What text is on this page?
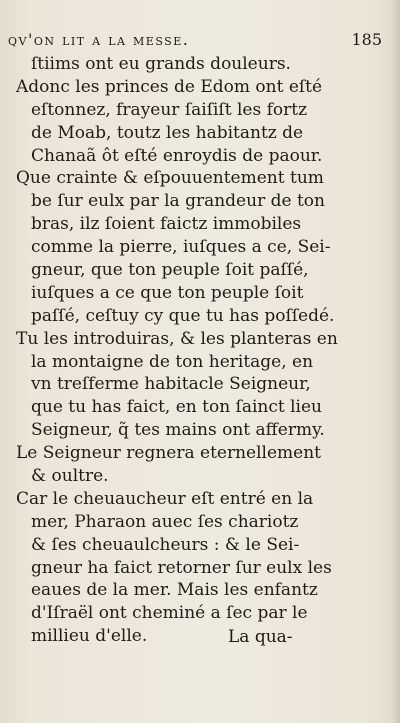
qv'on lit a la messe.	185
ſtiims ont eu grands douleurs.
Adonc les princes de Edom ont eſté
eſtonnez, frayeur ſaiſiſt les fortz
de Moab, toutz les habitantz de
Chanaã ôt eſté enroydis de paour.
Que crainte & eſpouuentement tum
be ſur eulx par la grandeur de ton
bras, ilz ſoient faictz immobiles
comme la pierre, iuſques a ce, Sei-
gneur, que ton peuple ſoit paſſé,
iuſques a ce que ton peuple ſoit
paſſé, ceſtuy cy que tu has poſſedé.
Tu les introduiras, & les planteras en
la montaigne de ton heritage, en
vn treſferme habitacle Seigneur,
que tu has faict, en ton ſainct lieu
Seigneur, q̃ tes mains ont affermy.
Le Seigneur regnera eternellement
& oultre.
Car le cheuaucheur eſt entré en la
mer, Pharaon auec ſes chariotz
& ſes cheuaulcheurs : & le Sei-
gneur ha faict retorner ſur eulx les
eaues de la mer. Mais les enfantz
d'Iſraël ont cheminé a ſec par le
millieu d'elle.	La qua-
